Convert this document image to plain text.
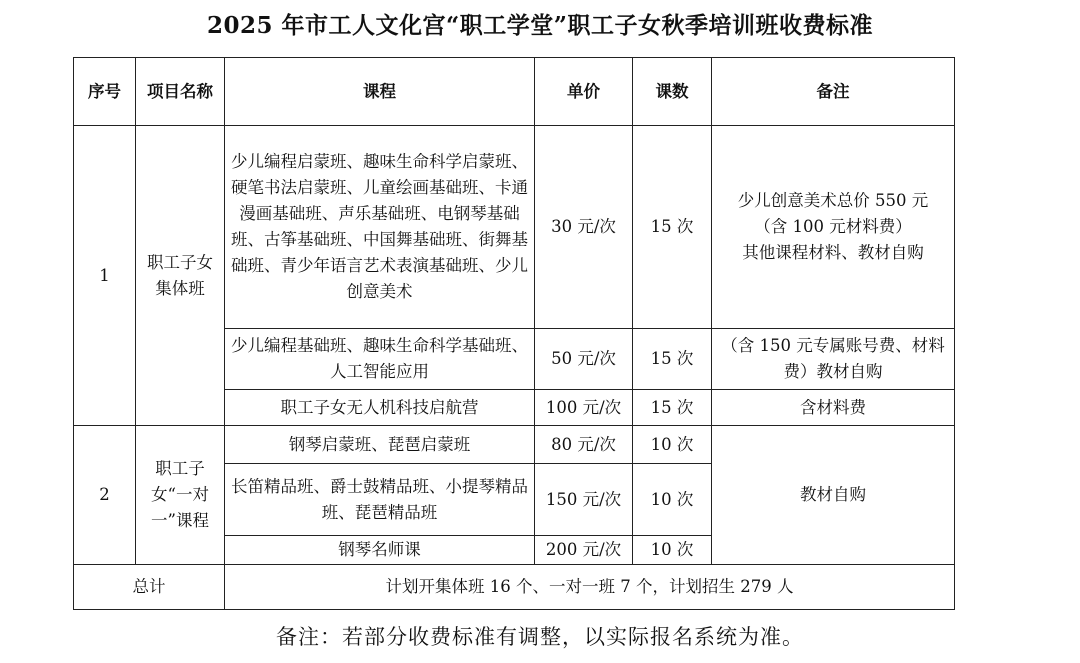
2025 年市工人文化宫“职工学堂”职工子女秋季培训班收费标准
序号	项目名称	课程	单价	课数	备注
1	职工子女集体班	少儿编程启蒙班、趣味生命科学启蒙班、硬笔书法启蒙班、儿童绘画基础班、卡通漫画基础班、声乐基础班、电钢琴基础班、古筝基础班、中国舞基础班、街舞基础班、青少年语言艺术表演基础班、少儿创意美术	30 元/次	15 次	少儿创意美术总价 550 元
（含 100 元材料费）
其他课程材料、教材自购

		少儿编程基础班、趣味生命科学基础班、人工智能应用	50 元/次	15 次	（含 150 元专属账号费、材料费）教材自购
		职工子女无人机科技启航营	100 元/次	15 次	含材料费
2	职工子女“一对一”课程	钢琴启蒙班、琵琶启蒙班	80 元/次	10 次	教材自购
		长笛精品班、爵士鼓精品班、小提琴精品班、琵琶精品班	150 元/次	10 次	
		钢琴名师课	200 元/次	10 次	
总计		计划开集体班 16 个、一对一班 7 个，计划招生 279 人			
备注：若部分收费标准有调整，以实际报名系统为准。
